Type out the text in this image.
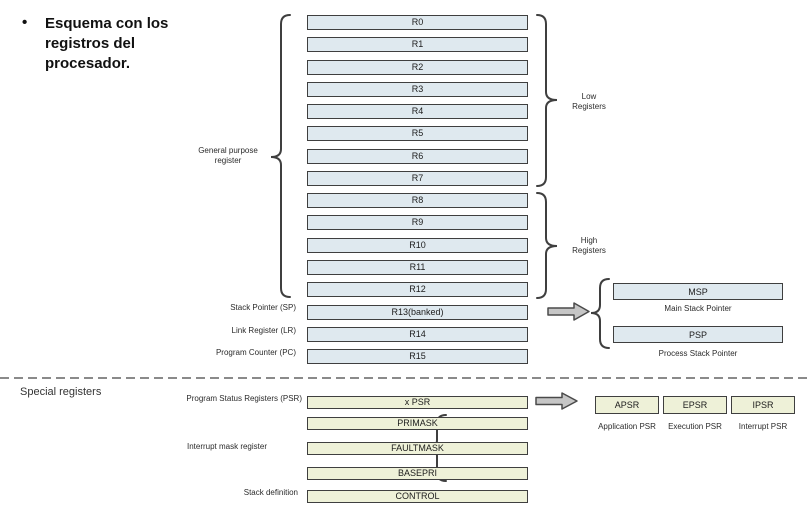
• Esquema con los registros del procesador.
R0
R1
R2
R3
R4
R5
R6
R7
R8
R9
R10
R11
R12
R13(banked)
R14
R15
General purpose register
Stack Pointer (SP)
Link Register (LR)
Program Counter (PC)
Low Registers
High Registers
MSP
Main Stack Pointer
PSP
Process Stack Pointer
Special registers
x PSR
PRIMASK
FAULTMASK
BASEPRI
CONTROL
Program Status Registers (PSR)
Interrupt mask register
Stack definition
APSR	EPSR	IPSR
Application PSR	Execution PSR	Interrupt PSR
